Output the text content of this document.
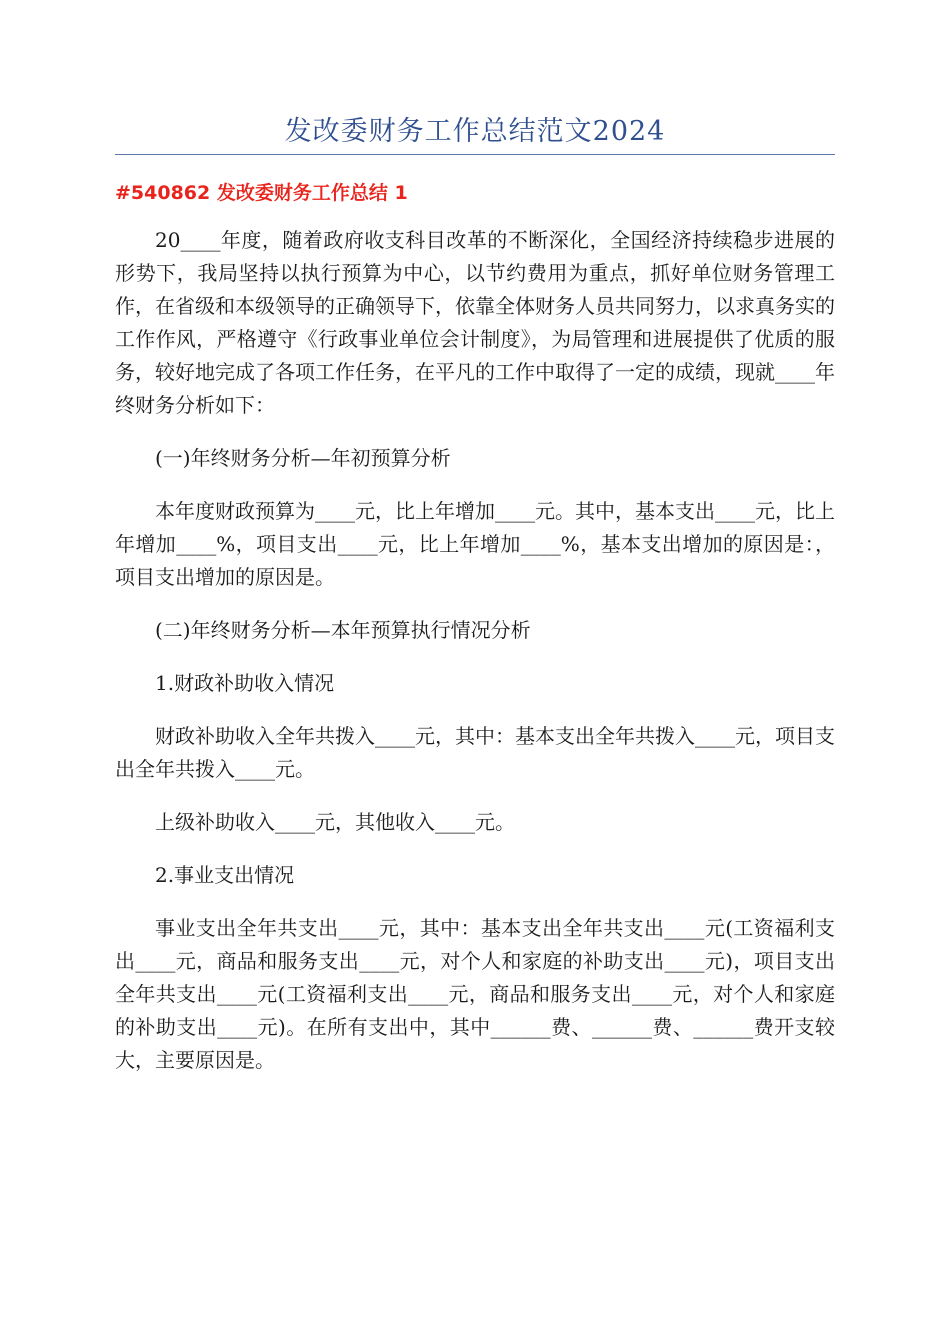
发改委财务工作总结范文2024
#540862 发改委财务工作总结 1

20____年度，随着政府收支科目改革的不断深化，全国经济持续稳步进展的形势下，我局坚持以执行预算为中心，以节约费用为重点，抓好单位财务管理工作，在省级和本级领导的正确领导下，依靠全体财务人员共同努力，以求真务实的工作作风，严格遵守《行政事业单位会计制度》，为局管理和进展提供了优质的服务，较好地完成了各项工作任务，在平凡的工作中取得了一定的成绩，现就____年终财务分析如下：

(一)年终财务分析—年初预算分析

本年度财政预算为____元，比上年增加____元。其中，基本支出____元，比上年增加____%，项目支出____元，比上年增加____%，基本支出增加的原因是：，项目支出增加的原因是。

(二)年终财务分析—本年预算执行情况分析

1.财政补助收入情况

财政补助收入全年共拨入____元，其中：基本支出全年共拨入____元，项目支出全年共拨入____元。

上级补助收入____元，其他收入____元。

2.事业支出情况

事业支出全年共支出____元，其中：基本支出全年共支出____元(工资福利支出____元，商品和服务支出____元，对个人和家庭的补助支出____元)，项目支出全年共支出____元(工资福利支出____元，商品和服务支出____元，对个人和家庭的补助支出____元)。在所有支出中，其中______费、______费、______费开支较大，主要原因是。
